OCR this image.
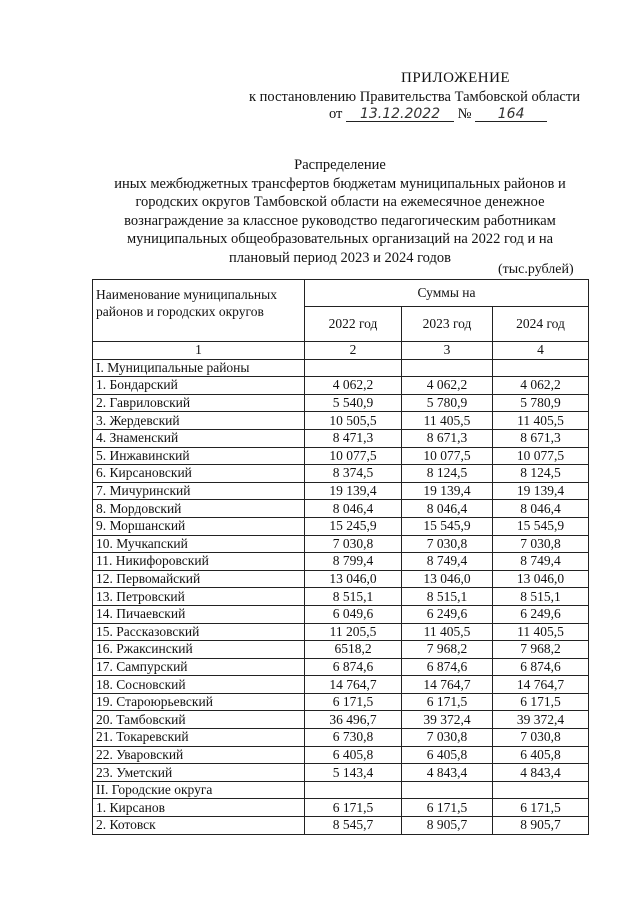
ПРИЛОЖЕНИЕ
к постановлению Правительства Тамбовской области
от 13.12.2022 № 164
Распределение
иных межбюджетных трансфертов бюджетам муниципальных районов и
городских округов Тамбовской области на ежемесячное денежное
вознаграждение за классное руководство педагогическим работникам
муниципальных общеобразовательных организаций на 2022 год и на
плановый период 2023 и 2024 годов
(тыс.рублей)
Наименование муниципальных районов и городских округов	Суммы на		
	2022 год	2023 год	2024 год
1	2	3	4
I. Муниципальные районы			
1. Бондарский	4 062,2	4 062,2	4 062,2
2. Гавриловский	5 540,9	5 780,9	5 780,9
3. Жердевский	10 505,5	11 405,5	11 405,5
4. Знаменский	8 471,3	8 671,3	8 671,3
5. Инжавинский	10 077,5	10 077,5	10 077,5
6. Кирсановский	8 374,5	8 124,5	8 124,5
7. Мичуринский	19 139,4	19 139,4	19 139,4
8. Мордовский	8 046,4	8 046,4	8 046,4
9. Моршанский	15 245,9	15 545,9	15 545,9
10. Мучкапский	7 030,8	7 030,8	7 030,8
11. Никифоровский	8 799,4	8 749,4	8 749,4
12. Первомайский	13 046,0	13 046,0	13 046,0
13. Петровский	8 515,1	8 515,1	8 515,1
14. Пичаевский	6 049,6	6 249,6	6 249,6
15. Рассказовский	11 205,5	11 405,5	11 405,5
16. Ржаксинский	6518,2	7 968,2	7 968,2
17. Сампурский	6 874,6	6 874,6	6 874,6
18. Сосновский	14 764,7	14 764,7	14 764,7
19. Староюрьевский	6 171,5	6 171,5	6 171,5
20. Тамбовский	36 496,7	39 372,4	39 372,4
21. Токаревский	6 730,8	7 030,8	7 030,8
22. Уваровский	6 405,8	6 405,8	6 405,8
23. Уметский	5 143,4	4 843,4	4 843,4
II. Городские округа			
1. Кирсанов	6 171,5	6 171,5	6 171,5
2. Котовск	8 545,7	8 905,7	8 905,7
